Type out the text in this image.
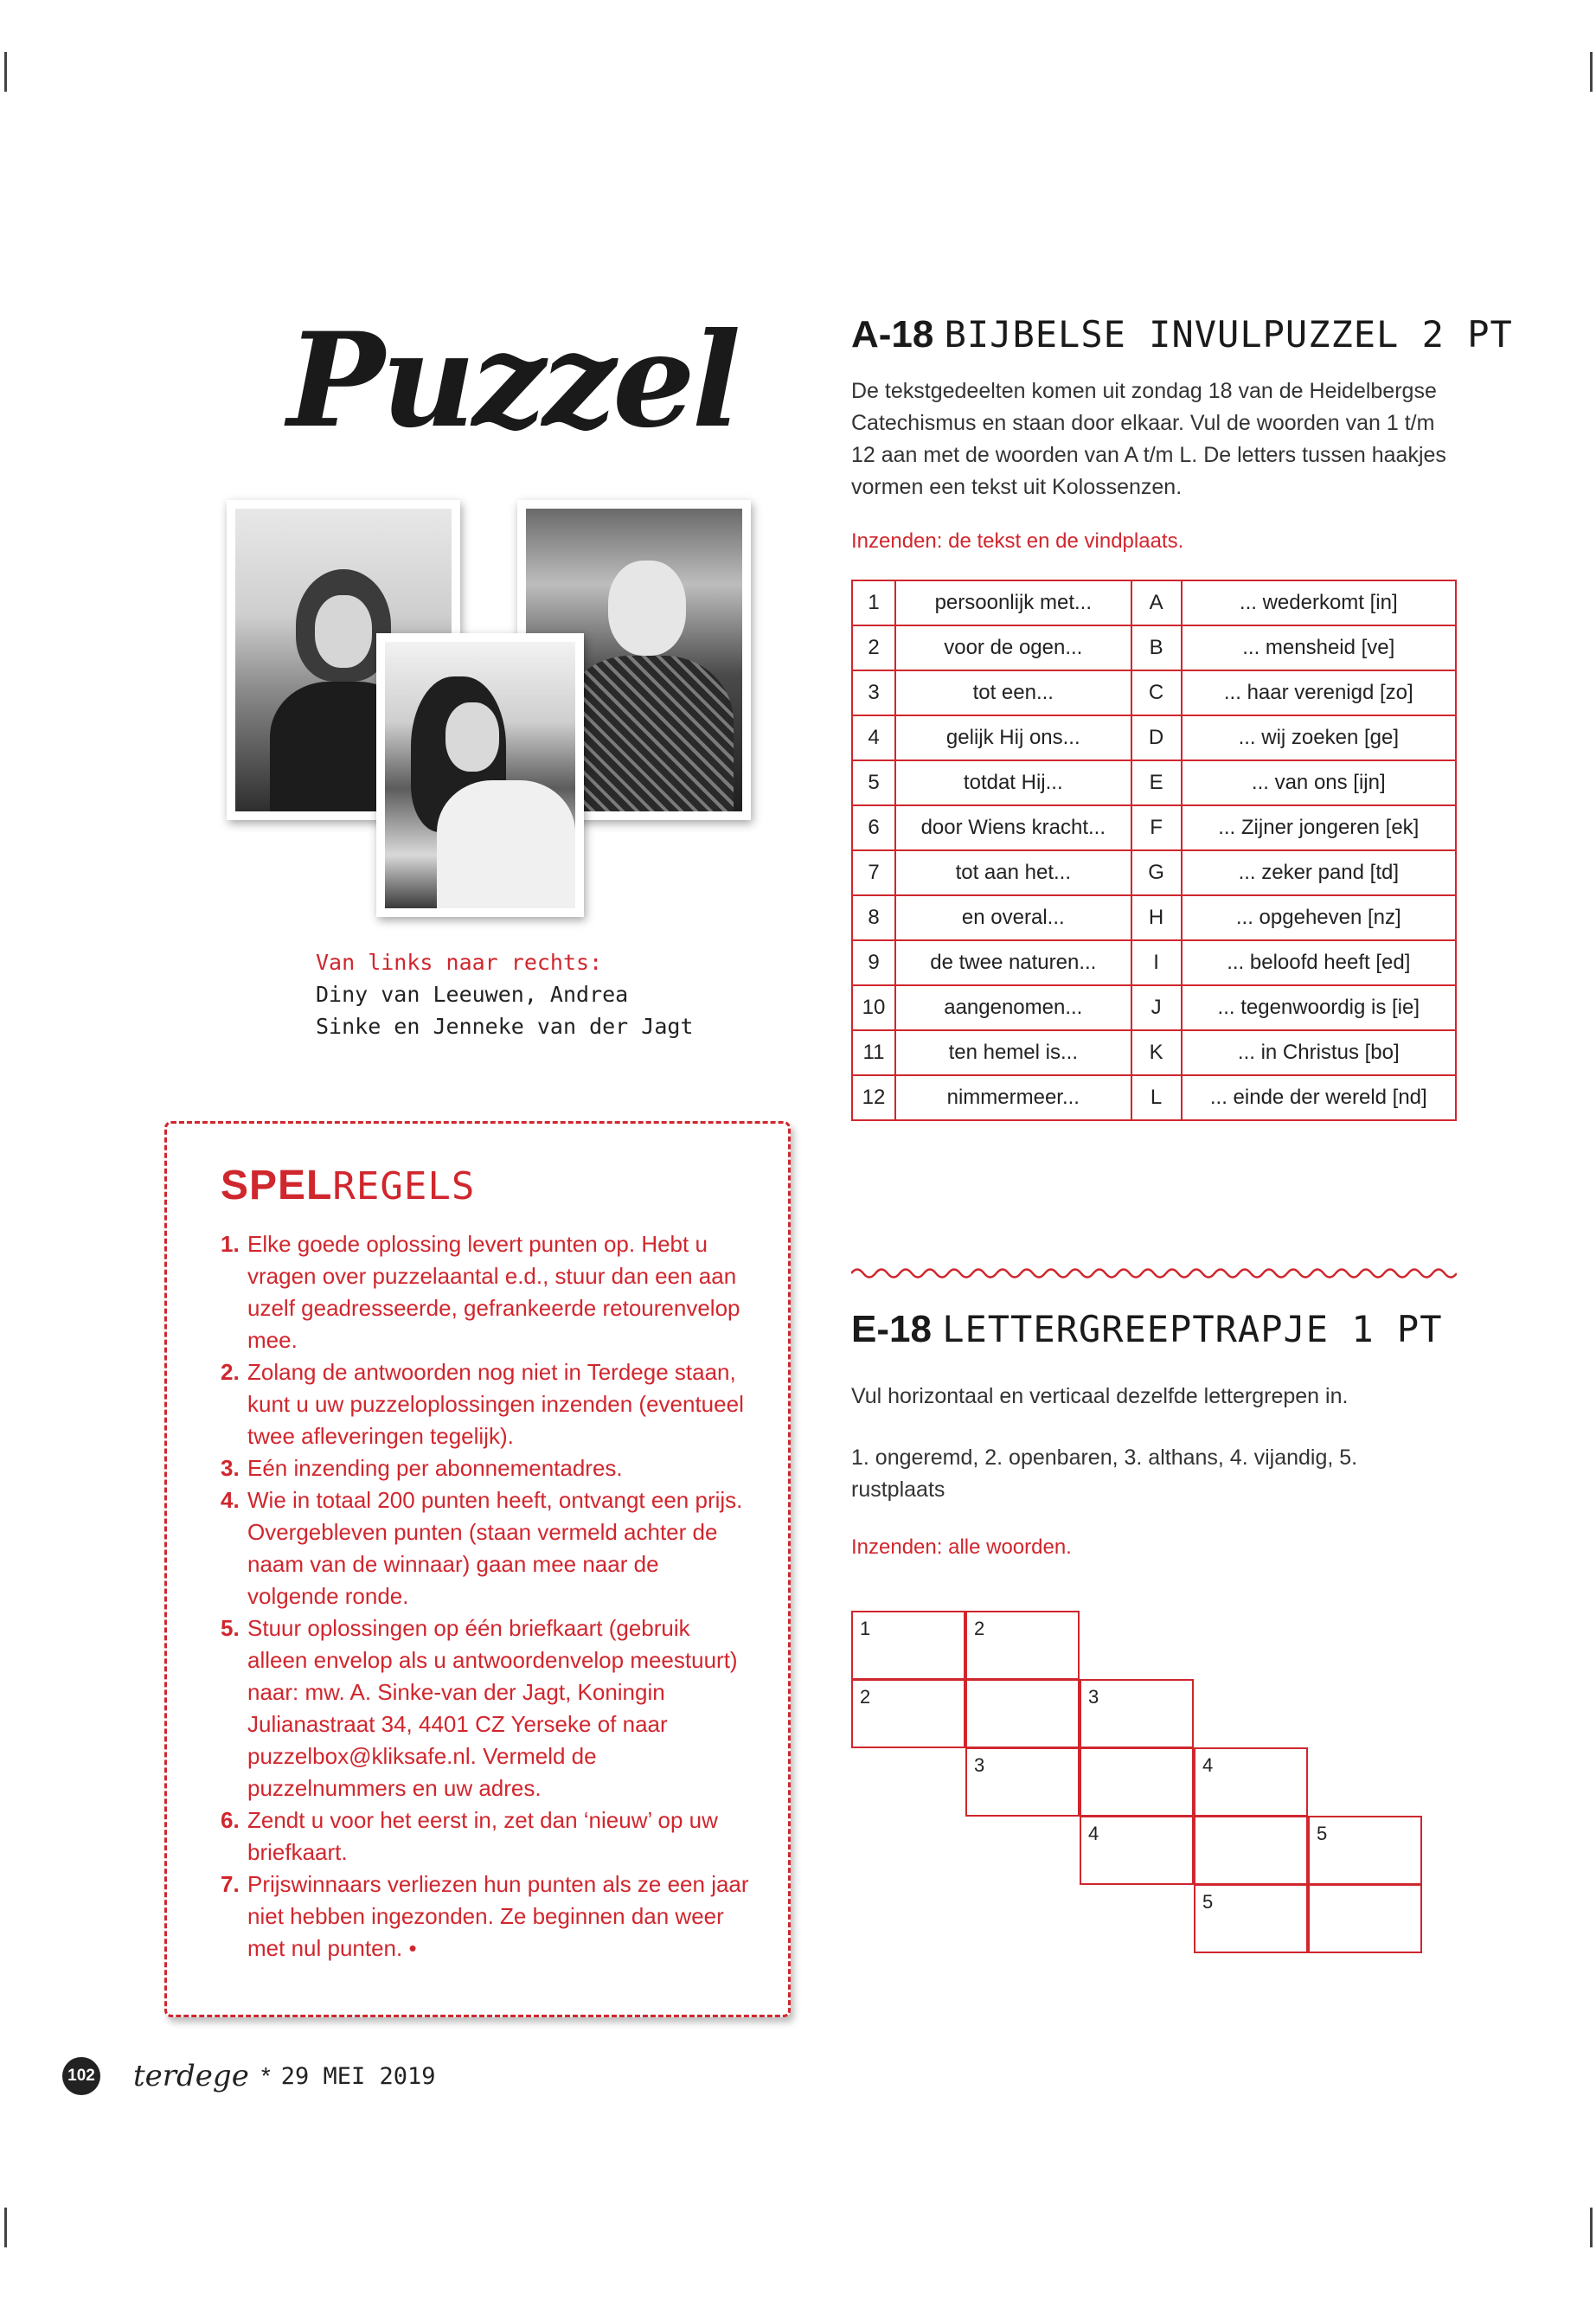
Puzzel
Van links naar rechts:
Diny van Leeuwen, Andrea Sinke en Jenneke van der Jagt
SPELREGELS
1. Elke goede oplossing levert punten op. Hebt u vragen over puzzelaantal e.d., stuur dan een aan uzelf geadresseerde, gefrankeerde retourenvelop mee.
2. Zolang de antwoorden nog niet in Terdege staan, kunt u uw puzzeloplossingen inzenden (eventueel twee afleveringen tegelijk).
3. Eén inzending per abonnementadres.
4. Wie in totaal 200 punten heeft, ontvangt een prijs. Overgebleven punten (staan vermeld achter de naam van de winnaar) gaan mee naar de volgende ronde.
5. Stuur oplossingen op één briefkaart (gebruik alleen envelop als u antwoordenvelop meestuurt) naar: mw. A. Sinke-van der Jagt, Koningin Julianastraat 34, 4401 CZ Yerseke of naar puzzelbox@kliksafe.nl. Vermeld de puzzelnummers en uw adres.
6. Zendt u voor het eerst in, zet dan ‘nieuw’ op uw briefkaart.
7. Prijswinnaars verliezen hun punten als ze een jaar niet hebben ingezonden. Ze beginnen dan weer met nul punten. •
A-18 BIJBELSE INVULPUZZEL 2 PT
De tekstgedeelten komen uit zondag 18 van de Heidelbergse Catechismus en staan door elkaar. Vul de woorden van 1 t/m 12 aan met de woorden van A t/m L. De letters tussen haakjes vormen een tekst uit Kolossenzen.
Inzenden: de tekst en de vindplaats.
1	persoonlijk met...	A	... wederkomt [in]
2	voor de ogen...	B	... mensheid [ve]
3	tot een...	C	... haar verenigd [zo]
4	gelijk Hij ons...	D	... wij zoeken [ge]
5	totdat Hij...	E	... van ons [ijn]
6	door Wiens kracht...	F	... Zijner jongeren [ek]
7	tot aan het...	G	... zeker pand [td]
8	en overal...	H	... opgeheven [nz]
9	de twee naturen...	I	... beloofd heeft [ed]
10	aangenomen...	J	... tegenwoordig is [ie]
11	ten hemel is...	K	... in Christus [bo]
12	nimmermeer...	L	... einde der wereld [nd]
E-18 LETTERGREEPTRAPJE 1 PT
Vul horizontaal en verticaal dezelfde lettergrepen in.
1. ongeremd, 2. openbaren, 3. althans, 4. vijandig, 5. rustplaats
Inzenden: alle woorden.
1	2
2	3
3	4
4	5
5
102 terdege * 29 MEI 2019
